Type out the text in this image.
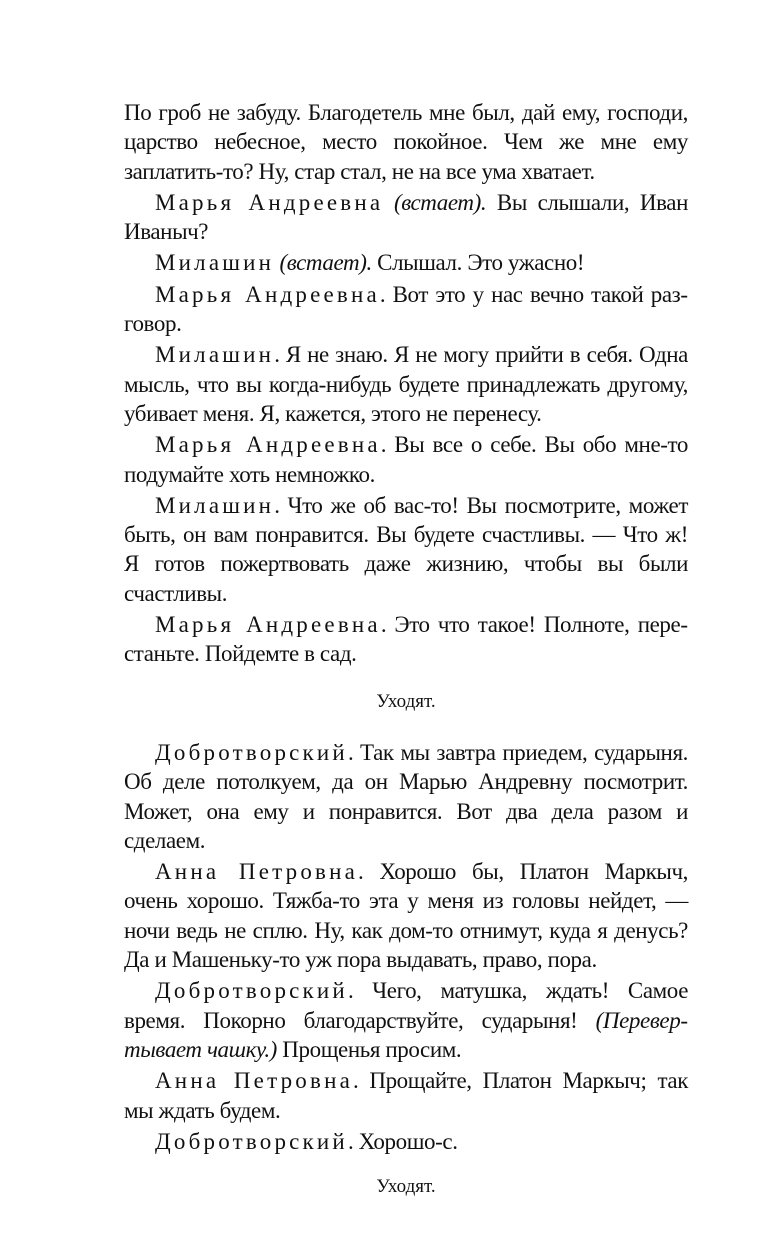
По гроб не забуду. Благодетель мне был, дай ему, господи, царство небесное, место покойное. Чем же мне ему заплатить-то? Ну, стар стал, не на все ума хватает.

Марья Андреевна (встает). Вы слышали, Иван Иваныч?

Милашин (встает). Слышал. Это ужасно!

Марья Андреевна. Вот это у нас вечно такой разговор.

Милашин. Я не знаю. Я не могу прийти в себя. Одна мысль, что вы когда-нибудь будете принадлежать другому, убивает меня. Я, кажется, этого не перенесу.

Марья Андреевна. Вы все о себе. Вы обо мне-то подумайте хоть немножко.

Милашин. Что же об вас-то! Вы посмотрите, может быть, он вам понравится. Вы будете счастливы. — Что ж! Я готов пожертвовать даже жизнию, чтобы вы были счастливы.

Марья Андреевна. Это что такое! Полноте, перестаньте. Пойдемте в сад.

Уходят.

Добротворский. Так мы завтра приедем, сударыня. Об деле потолкуем, да он Марью Андревну посмотрит. Может, она ему и понравится. Вот два дела разом и сделаем.

Анна Петровна. Хорошо бы, Платон Маркыч, очень хорошо. Тяжба-то эта у меня из головы нейдет, — ночи ведь не сплю. Ну, как дом-то отнимут, куда я денусь? Да и Машеньку-то уж пора выдавать, право, пора.

Добротворский. Чего, матушка, ждать! Самое время. Покорно благодарствуйте, сударыня! (Перевертывает чашку.) Прощенья просим.

Анна Петровна. Прощайте, Платон Маркыч; так мы ждать будем.

Добротворский. Хорошо-с.

Уходят.
